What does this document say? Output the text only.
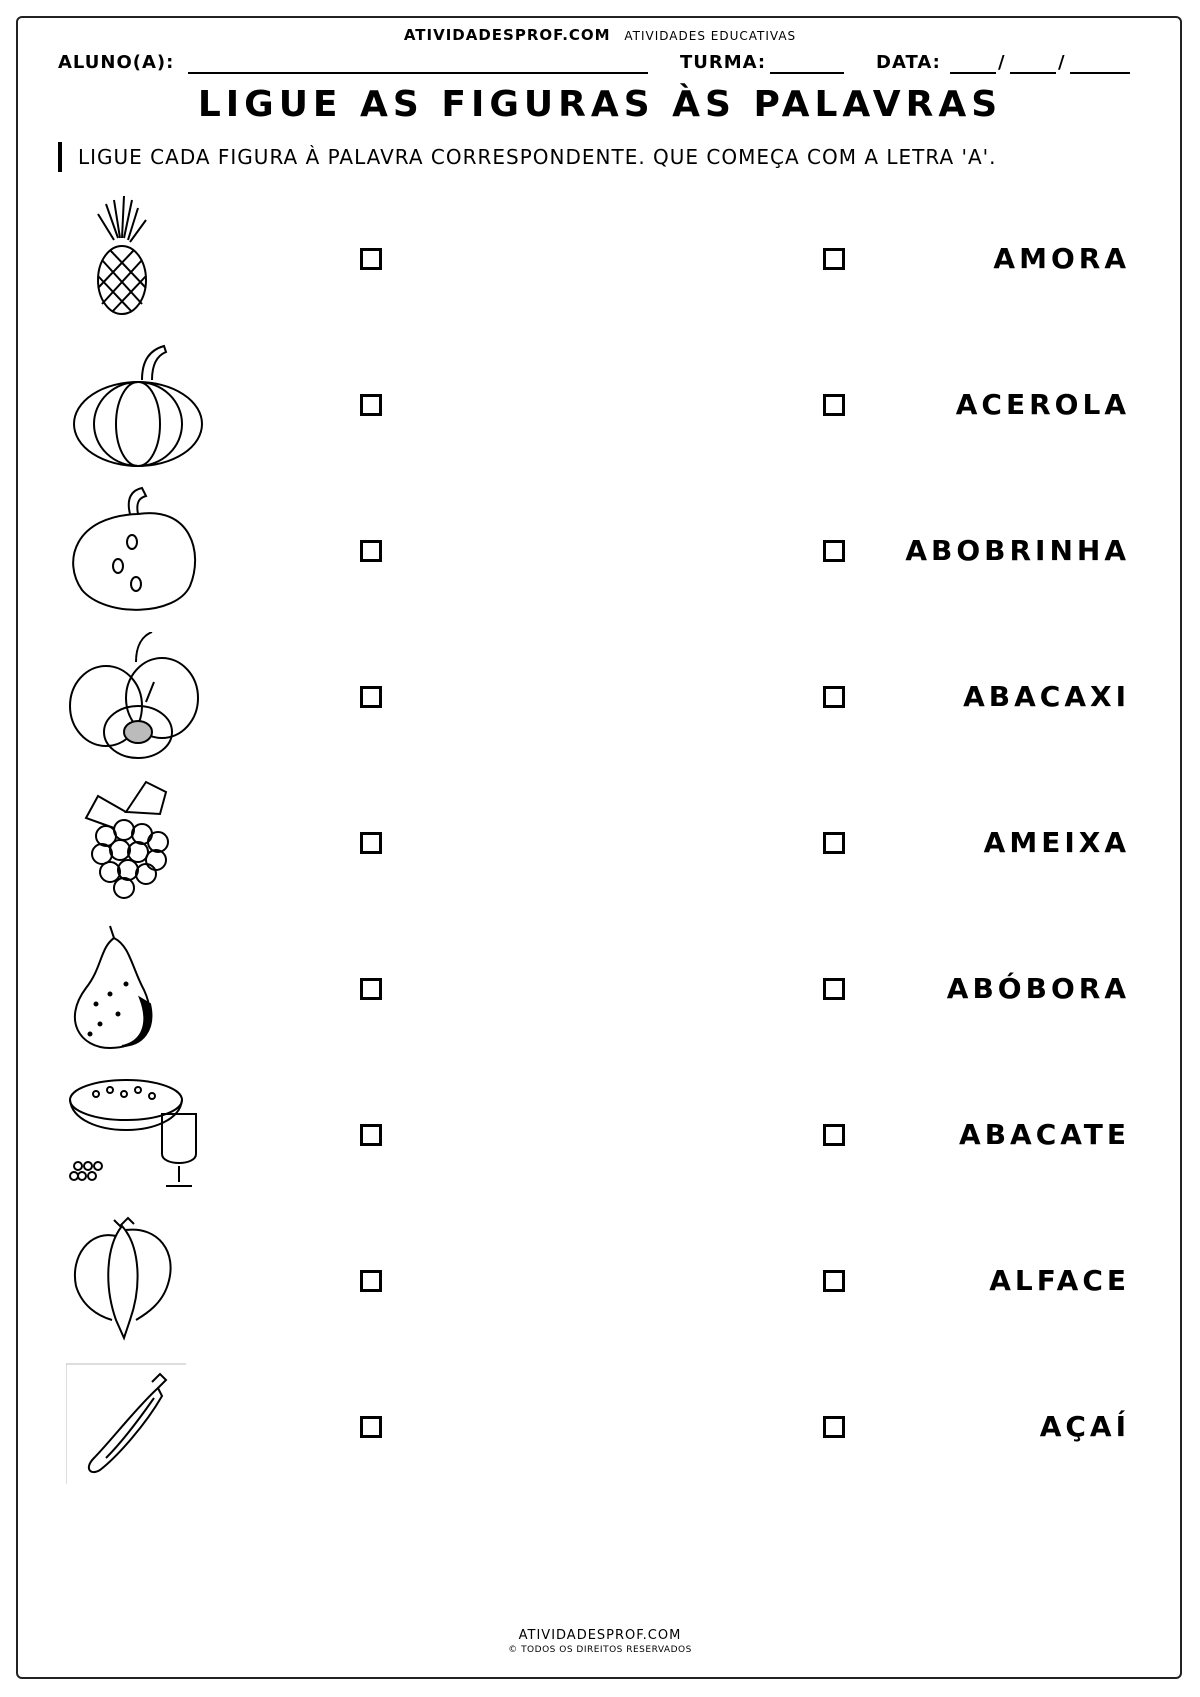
ATIVIDADESPROF.COM ATIVIDADES EDUCATIVAS
ALUNO(A):	TURMA:	DATA:	/	/
LIGUE AS FIGURAS ÀS PALAVRAS
LIGUE CADA FIGURA À PALAVRA CORRESPONDENTE. QUE COMEÇA COM A LETRA 'A'.
AMORA
ACEROLA
ABOBRINHA
ABACAXI
AMEIXA
ABÓBORA
ABACATE
ALFACE
AÇAÍ
ATIVIDADESPROF.COM
© TODOS OS DIREITOS RESERVADOS
